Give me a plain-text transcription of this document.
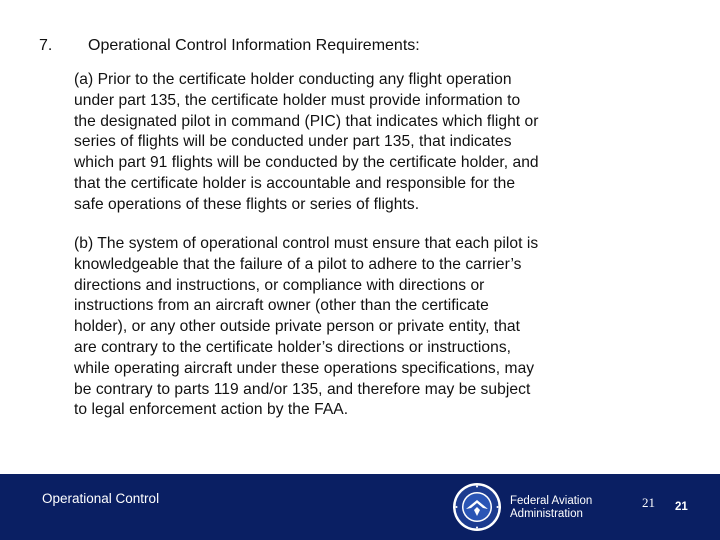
7. Operational Control Information Requirements:

(a) Prior to the certificate holder conducting any flight operation
under part 135, the certificate holder must provide information to
the designated pilot in command (PIC) that indicates which flight or
series of flights will be conducted under part 135, that indicates
which part 91 flights will be conducted by the certificate holder, and
that the certificate holder is accountable and responsible for the
safe operations of these flights or series of flights.

(b) The system of operational control must ensure that each pilot is
knowledgeable that the failure of a pilot to adhere to the carrier’s
directions and instructions, or compliance with directions or
instructions from an aircraft owner (other than the certificate
holder), or any other outside private person or private entity, that
are contrary to the certificate holder’s directions or instructions,
while operating aircraft under these operations specifications, may
be contrary to parts 119 and/or 135, and therefore may be subject
to legal enforcement action by the FAA.

Operational Control	Federal Aviation
Administration
21 21
